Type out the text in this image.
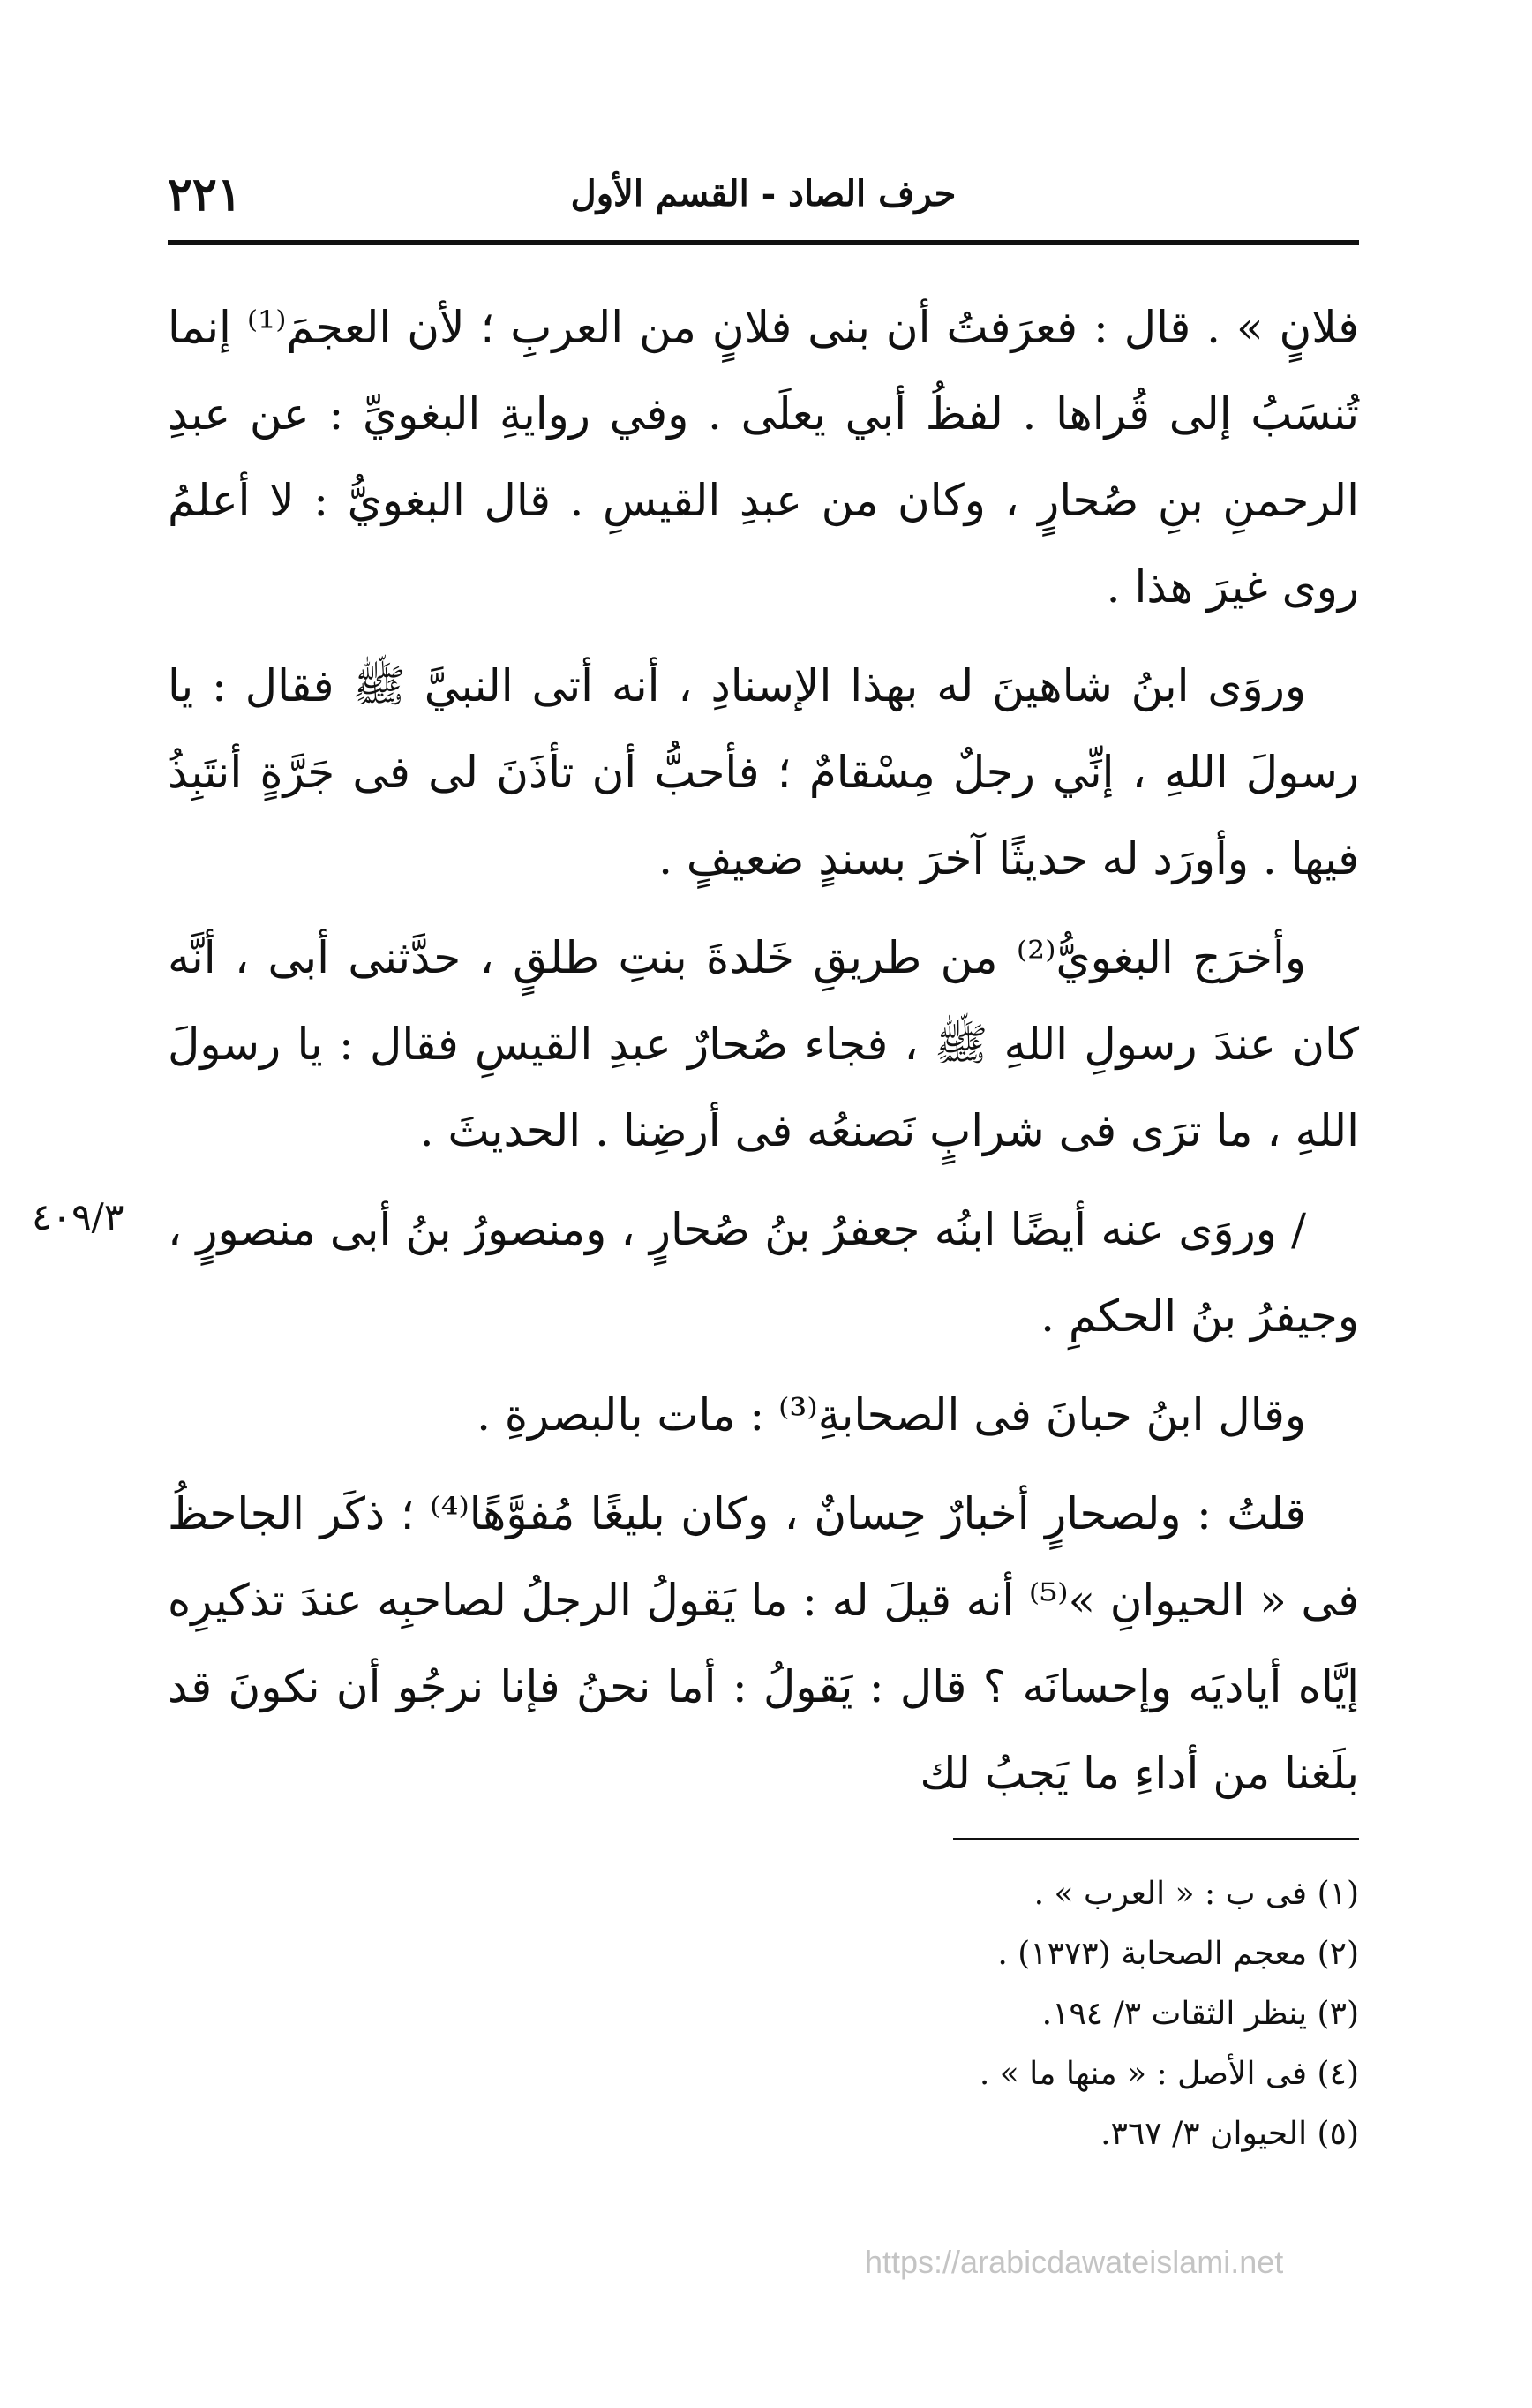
حرف الصاد - القسم الأول
٢٢١

فلانٍ » . قال : فعرَفتُ أن بنى فلانٍ من العربِ ؛ لأن العجمَ⁽¹⁾ إنما تُنسَبُ إلى قُراها . لفظُ أبي يعلَى . وفي روايةِ البغويِّ : عن عبدِ الرحمنِ بنِ صُحارٍ ، وكان من عبدِ القيسِ . قال البغويُّ : لا أعلمُ روى غيرَ هذا .

وروَى ابنُ شاهينَ له بهذا الإسنادِ ، أنه أتى النبيَّ ﷺ فقال : يا رسولَ اللهِ ، إنِّي رجلٌ مِسْقامٌ ؛ فأحبُّ أن تأذَنَ لى فى جَرَّةٍ أنتَبِذُ فيها . وأورَد له حديثًا آخرَ بسندٍ ضعيفٍ .

وأخرَج البغويُّ⁽²⁾ من طريقِ خَلدةَ بنتِ طلقٍ ، حدَّثنى أبى ، أنَّه كان عندَ رسولِ اللهِ ﷺ ، فجاء صُحارٌ عبدِ القيسِ فقال : يا رسولَ اللهِ ، ما ترَى فى شرابٍ نَصنعُه فى أرضِنا . الحديثَ .

/ وروَى عنه أيضًا ابنُه جعفرُ بنُ صُحارٍ ، ومنصورُ بنُ أبى منصورٍ ، وجيفرُ بنُ الحكمِ .

وقال ابنُ حبانَ فى الصحابةِ⁽³⁾ : مات بالبصرةِ .

قلتُ : ولصحارٍ أخبارٌ حِسانٌ ، وكان بليغًا مُفوَّهًا⁽⁴⁾ ؛ ذكَر الجاحظُ فى « الحيوانِ »⁽⁵⁾ أنه قيلَ له : ما يَقولُ الرجلُ لصاحبِه عندَ تذكيرِه إيَّاه أياديَه وإحسانَه ؟ قال : يَقولُ : أما نحنُ فإنا نرجُو أن نكونَ قد بلَغنا من أداءِ ما يَجبُ لك

٤٠٩/٣
(١) فى ب : « العرب » .
(٢) معجم الصحابة (١٣٧٣) .
(٣) ينظر الثقات ٣/ ١٩٤.
(٤) فى الأصل : « منها ما » .
(٥) الحيوان ٣/ ٣٦٧.
https://arabicdawateislami.net
